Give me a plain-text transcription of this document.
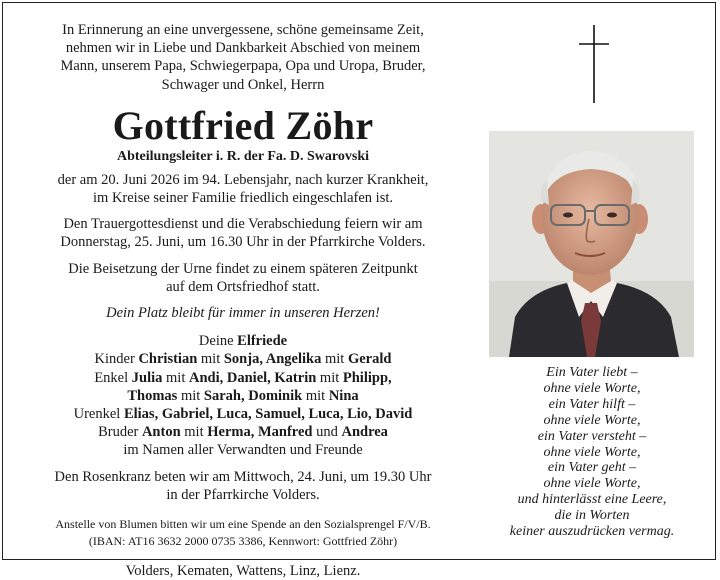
In Erinnerung an eine unvergessene, schöne gemeinsame Zeit,

nehmen wir in Liebe und Dankbarkeit Abschied von meinem

Mann, unserem Papa, Schwiegerpapa, Opa und Uropa, Bruder,

Schwager und Onkel, Herrn

Gottfried Zöhr
Abteilungsleiter i. R. der Fa. D. Swarovski

der am 20. Juni 2026 im 94. Lebensjahr, nach kurzer Krankheit,

im Kreise seiner Familie friedlich eingeschlafen ist.

Den Trauergottesdienst und die Verabschiedung feiern wir am

Donnerstag, 25. Juni, um 16.30 Uhr in der Pfarrkirche Volders.

Die Beisetzung der Urne findet zu einem späteren Zeitpunkt

auf dem Ortsfriedhof statt.

Dein Platz bleibt für immer in unseren Herzen!

Deine Elfriede
Kinder Christian mit Sonja, Angelika mit Gerald
Enkel Julia mit Andi, Daniel, Katrin mit Philipp,
Thomas mit Sarah, Dominik mit Nina
Urenkel Elias, Gabriel, Luca, Samuel, Luca, Lio, David
Bruder Anton mit Herma, Manfred und Andrea
im Namen aller Verwandten und Freunde

Den Rosenkranz beten wir am Mittwoch, 24. Juni, um 19.30 Uhr

in der Pfarrkirche Volders.

Anstelle von Blumen bitten wir um eine Spende an den Sozialsprengel F/V/B.

(IBAN: AT16 3632 2000 0735 3386, Kennwort: Gottfried Zöhr)

Volders, Kematen, Wattens, Linz, Lienz.

Ein Vater liebt –

ohne viele Worte,

ein Vater hilft –

ohne viele Worte,

ein Vater versteht –

ohne viele Worte,

ein Vater geht –

ohne viele Worte,

und hinterlässt eine Leere,

die in Worten

keiner auszudrücken vermag.
